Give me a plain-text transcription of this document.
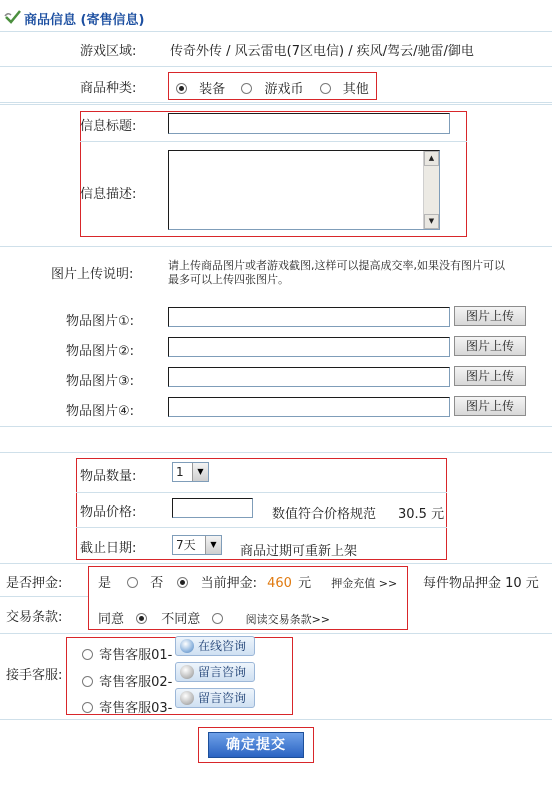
商品信息 (寄售信息)
游戏区域:	传奇外传 / 风云雷电(7区电信) / 疾风/驾云/驰雷/御电
商品种类:	装备	游戏币	其他
信息标题:
信息描述:
▲
▼
图片上传说明:
请上传商品图片或者游戏截图,这样可以提高成交率,如果没有图片可以
最多可以上传四张图片。
物品图片①:	图片上传
物品图片②:	图片上传
物品图片③:	图片上传
物品图片④:	图片上传
物品数量:	1	▼
物品价格:	数值符合价格规范 30.5 元
截止日期:	7天	▼	商品过期可重新上架
是否押金:	是	否	当前押金: 460 元 押金充值 >> 每件物品押金 10 元
交易条款:	同意	不同意	阅读交易条款>>
接手客服:
寄售客服01-
在线咨询
寄售客服02-
留言咨询
寄售客服03-
留言咨询
确定提交
